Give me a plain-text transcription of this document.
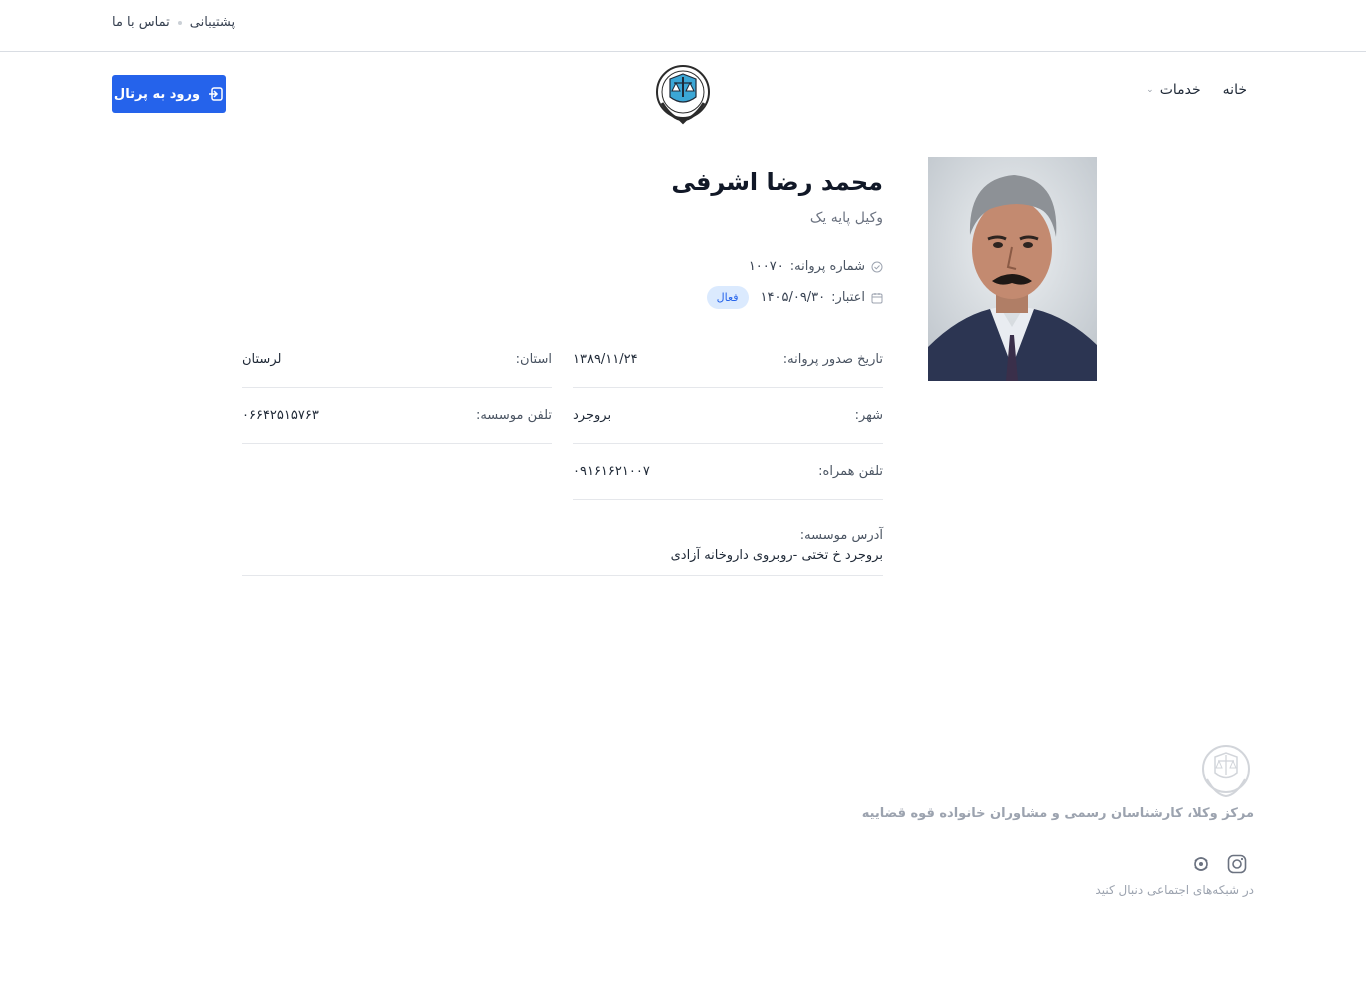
پشتیبانی
تماس با ما
خانه
خدمات
⌄
ورود به پرتال
محمد رضا اشرفی
وکیل پایه یک
شماره پروانه:
۱۰۰۷۰
اعتبار:
۱۴۰۵/۰۹/۳۰
فعال
تاریخ صدور پروانه:
۱۳۸۹/۱۱/۲۴
استان:
لرستان
شهر:
بروجرد
تلفن موسسه:
۰۶۶۴۲۵۱۵۷۶۳
تلفن همراه:
۰۹۱۶۱۶۲۱۰۰۷
آدرس موسسه:
بروجرد خ تختی -روبروی داروخانه آزادی
مرکز وکلا، کارشناسان رسمی و مشاوران خانواده قوه قضاییه
در شبکه‌های اجتماعی دنبال کنید
